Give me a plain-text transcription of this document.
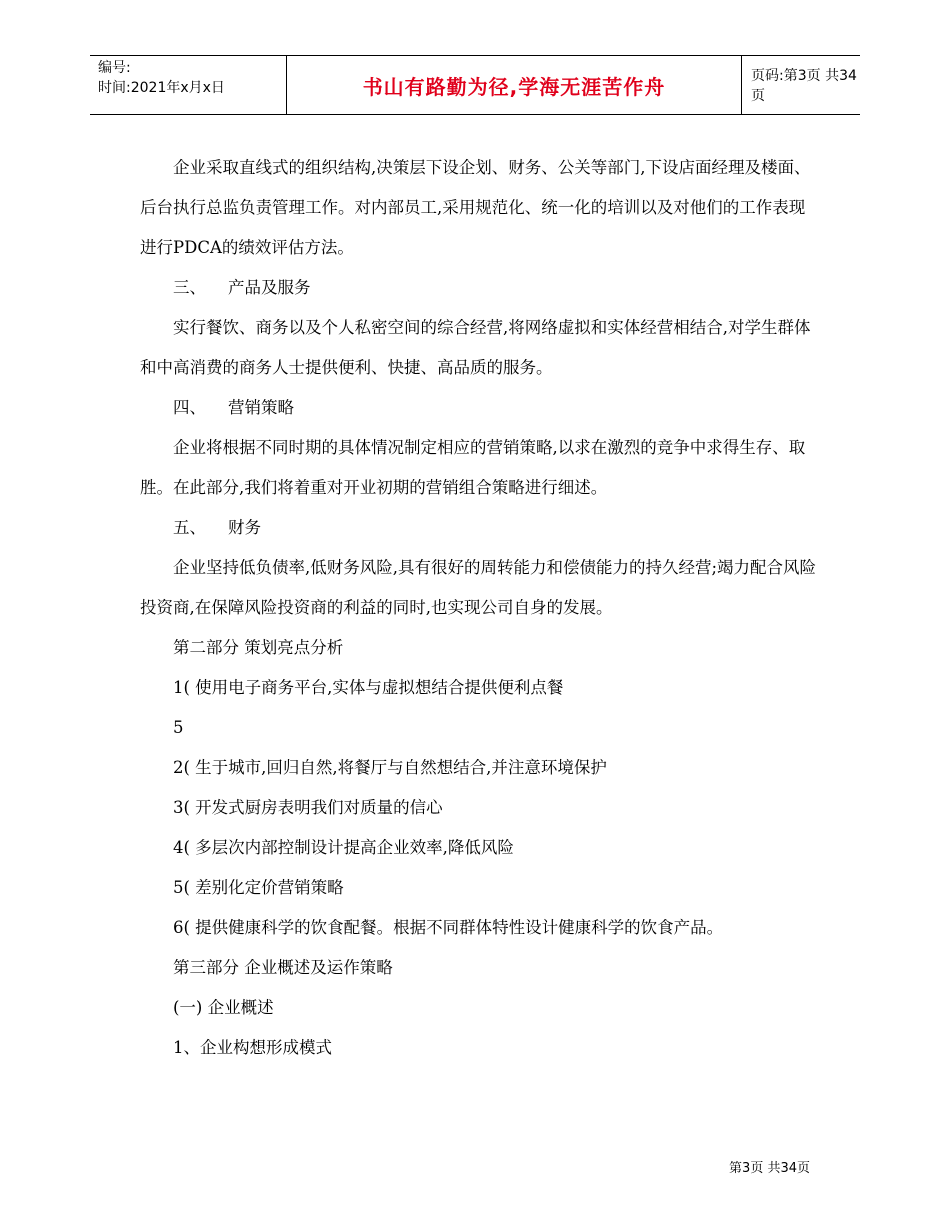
编号:
时间:2021年x月x日	书山有路勤为径,学海无涯苦作舟	页码:第3页 共34页

企业采取直线式的组织结构,决策层下设企划、财务、公关等部门,下设店面经理及楼面、后台执行总监负责管理工作。对内部员工,采用规范化、统一化的培训以及对他们的工作表现进行PDCA的绩效评估方法。

三、 产品及服务

实行餐饮、商务以及个人私密空间的综合经营,将网络虚拟和实体经营相结合,对学生群体和中高消费的商务人士提供便利、快捷、高品质的服务。

四、 营销策略

企业将根据不同时期的具体情况制定相应的营销策略,以求在激烈的竞争中求得生存、取胜。在此部分,我们将着重对开业初期的营销组合策略进行细述。

五、 财务

企业坚持低负债率,低财务风险,具有很好的周转能力和偿债能力的持久经营;竭力配合风险投资商,在保障风险投资商的利益的同时,也实现公司自身的发展。

第二部分 策划亮点分析

1( 使用电子商务平台,实体与虚拟想结合提供便利点餐

5

2( 生于城市,回归自然,将餐厅与自然想结合,并注意环境保护

3( 开发式厨房表明我们对质量的信心

4( 多层次内部控制设计提高企业效率,降低风险

5( 差别化定价营销策略

6( 提供健康科学的饮食配餐。根据不同群体特性设计健康科学的饮食产品。

第三部分 企业概述及运作策略

(一) 企业概述

1、企业构想形成模式

第3页 共34页
